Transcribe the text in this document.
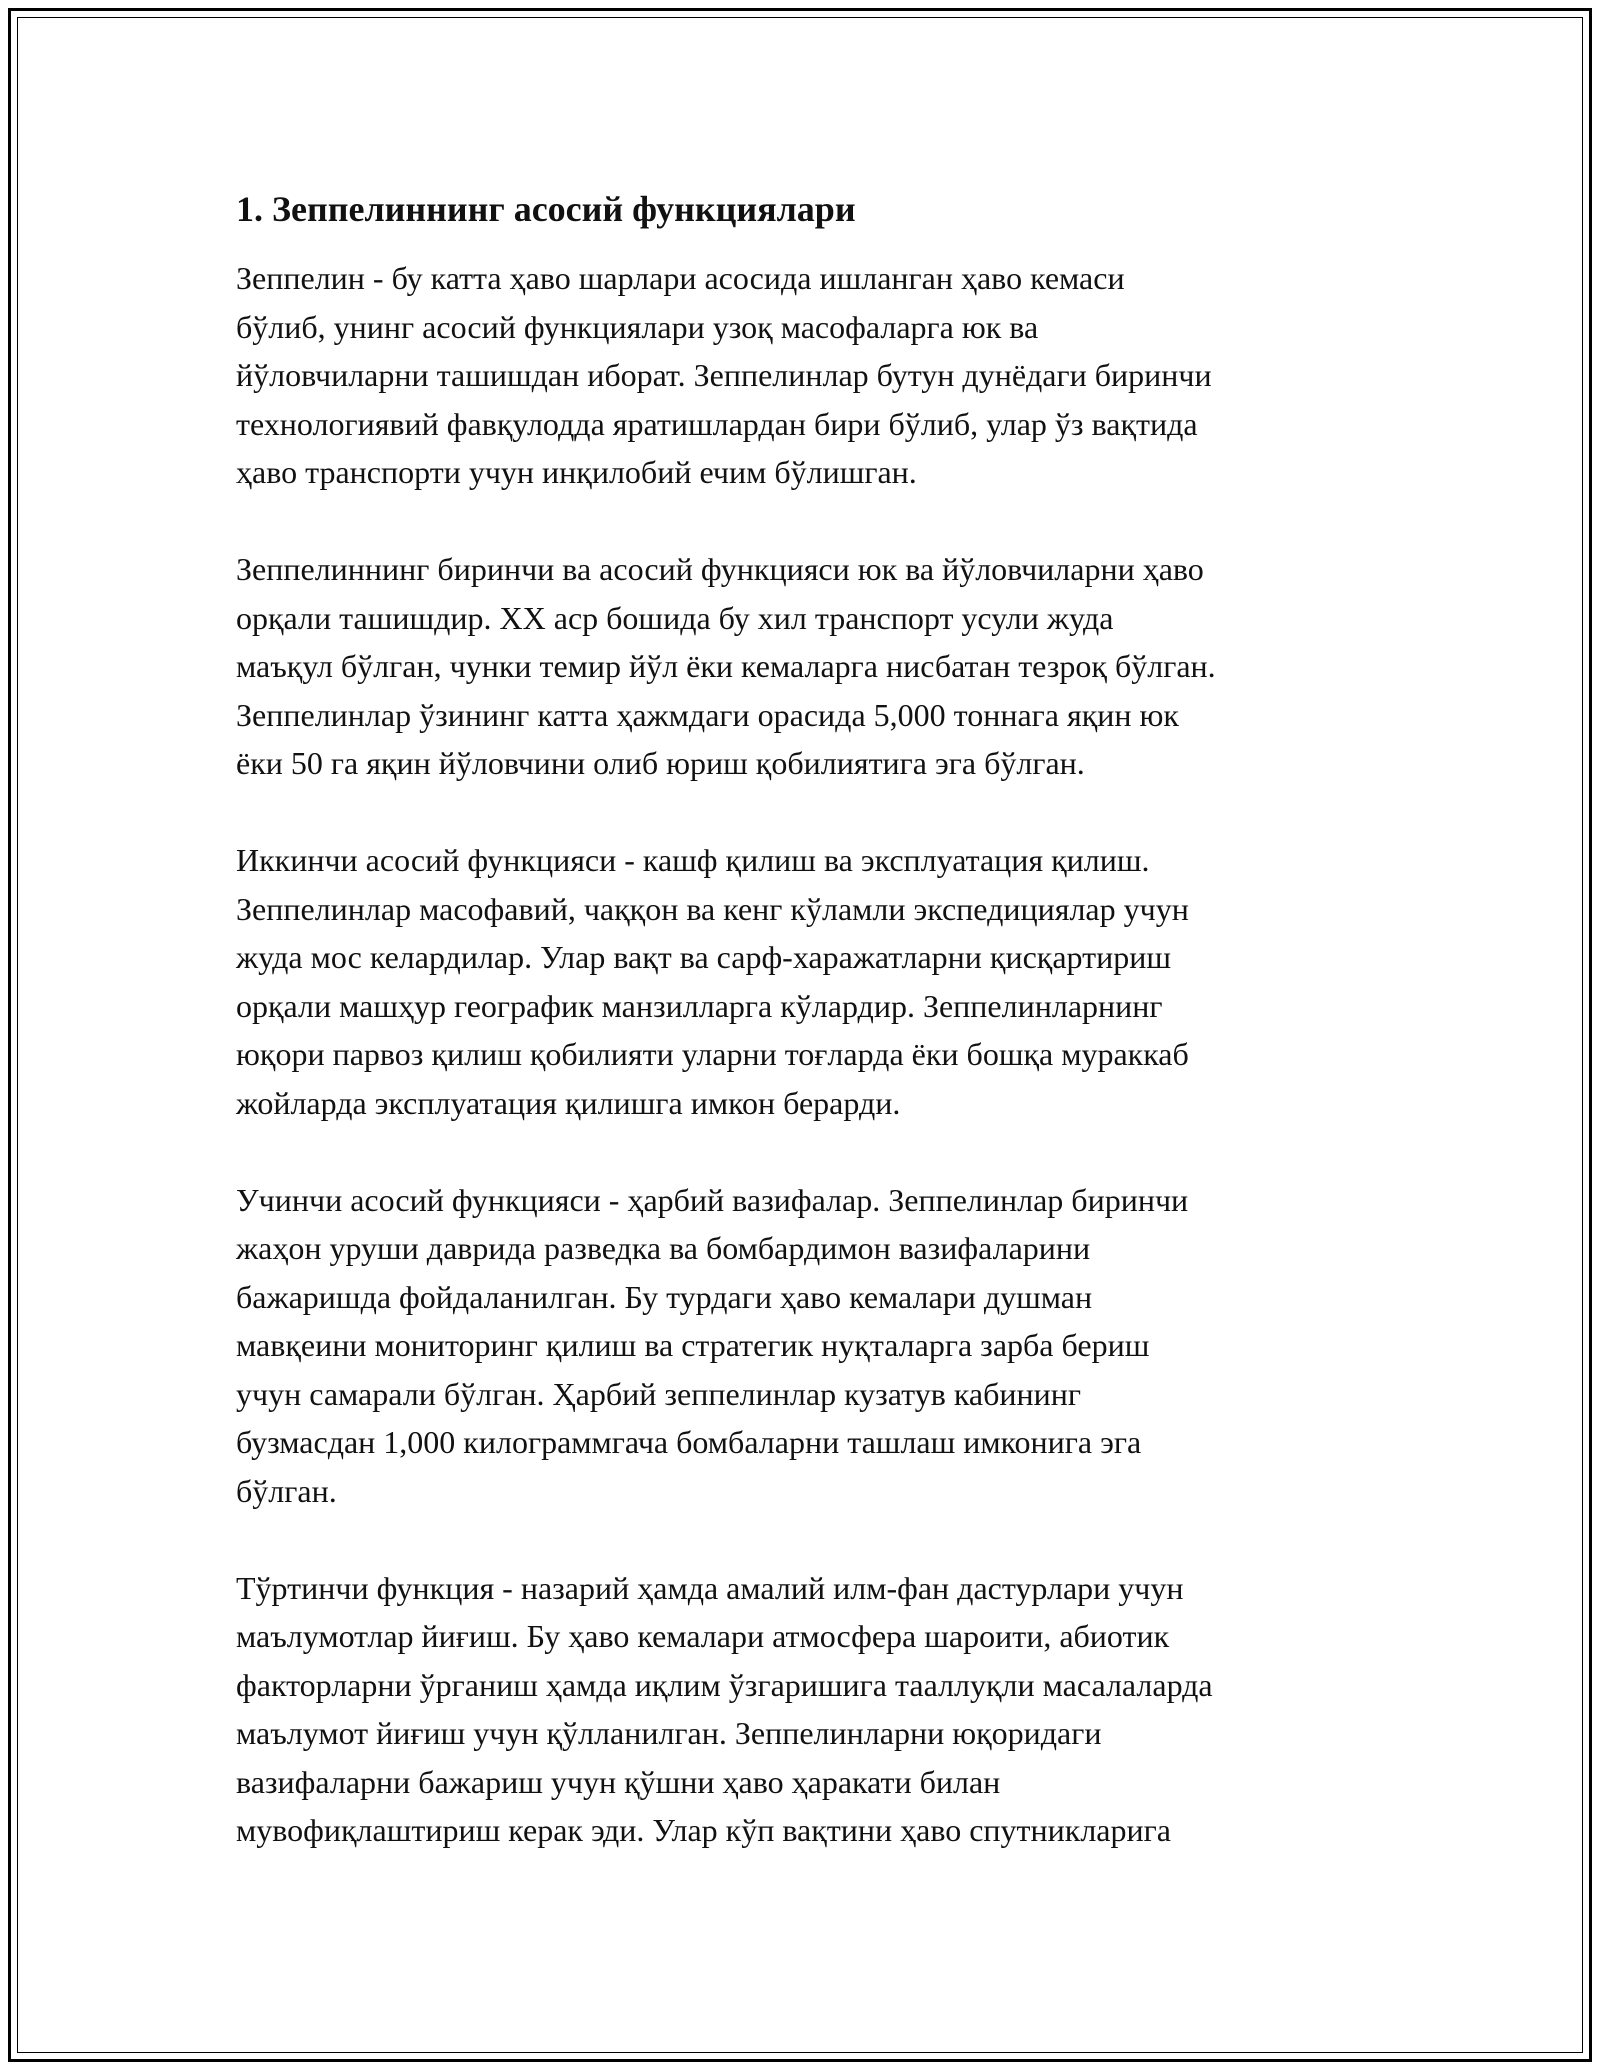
1. Зеппелиннинг асосий функциялари

Зеппелин - бу катта ҳаво шарлари асосида ишланган ҳаво кемаси
бўлиб, унинг асосий функциялари узоқ масофаларга юк ва
йўловчиларни ташишдан иборат. Зеппелинлар бутун дунёдаги биринчи
технологиявий фавқулодда яратишлардан бири бўлиб, улар ўз вақтида
ҳаво транспорти учун инқилобий ечим бўлишган.

Зеппелиннинг биринчи ва асосий функцияси юк ва йўловчиларни ҳаво
орқали ташишдир. XX аср бошида бу хил транспорт усули жуда
маъқул бўлган, чунки темир йўл ёки кемаларга нисбатан тезроқ бўлган.
Зеппелинлар ўзининг катта ҳажмдаги орасида 5,000 тоннага яқин юк
ёки 50 га яқин йўловчини олиб юриш қобилиятига эга бўлган.

Иккинчи асосий функцияси - кашф қилиш ва эксплуатация қилиш.
Зеппелинлар масофавий, чаққон ва кенг кўламли экспедициялар учун
жуда мос келардилар. Улар вақт ва сарф-харажатларни қисқартириш
орқали машҳур географик манзилларга кўлардир. Зеппелинларнинг
юқори парвоз қилиш қобилияти уларни тоғларда ёки бошқа мураккаб
жойларда эксплуатация қилишга имкон берарди.

Учинчи асосий функцияси - ҳарбий вазифалар. Зеппелинлар биринчи
жаҳон уруши даврида разведка ва бомбардимон вазифаларини
бажаришда фойдаланилган. Бу турдаги ҳаво кемалари душман
мавқеини мониторинг қилиш ва стратегик нуқталарга зарба бериш
учун самарали бўлган. Ҳарбий зеппелинлар кузатув кабининг
бузмасдан 1,000 килограммгача бомбаларни ташлаш имконига эга
бўлган.

Тўртинчи функция - назарий ҳамда амалий илм-фан дастурлари учун
маълумотлар йиғиш. Бу ҳаво кемалари атмосфера шароити, абиотик
факторларни ўрганиш ҳамда иқлим ўзгаришига тааллуқли масалаларда
маълумот йиғиш учун қўлланилган. Зеппелинларни юқоридаги
вазифаларни бажариш учун қўшни ҳаво ҳаракати билан
мувофиқлаштириш керак эди. Улар кўп вақтини ҳаво спутникларига
